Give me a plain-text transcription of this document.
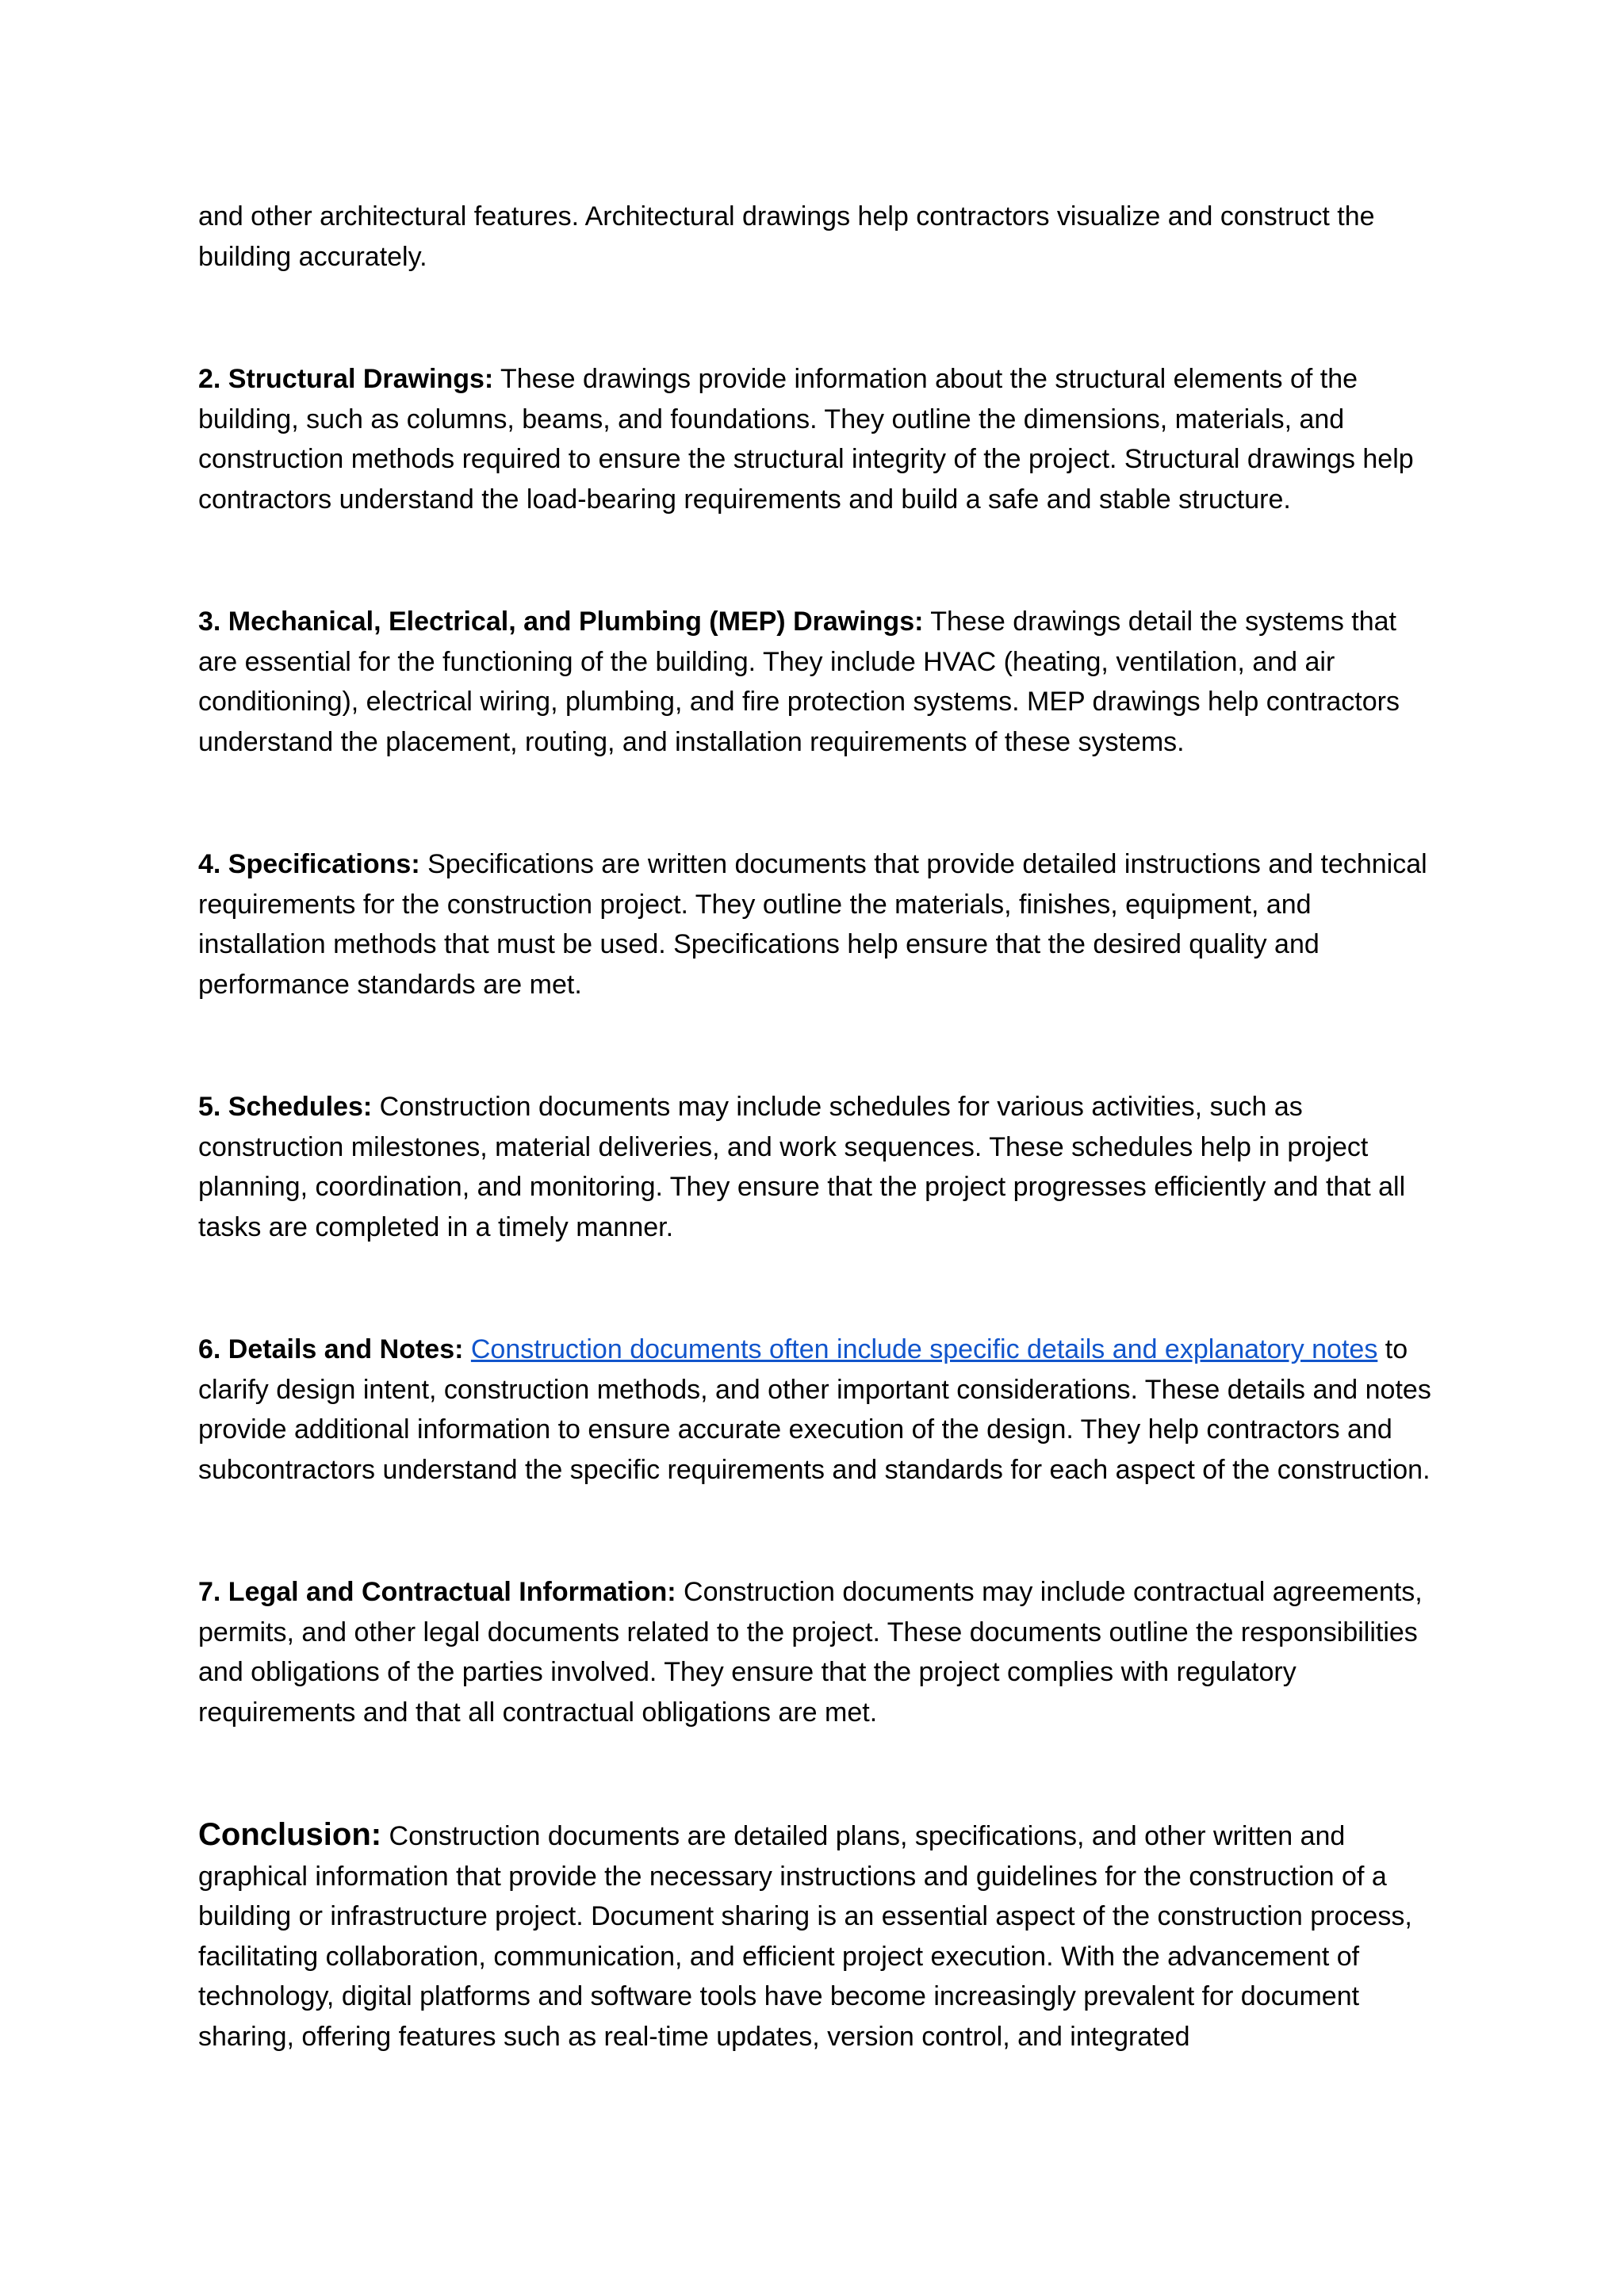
and other architectural features. Architectural drawings help contractors visualize and construct the building accurately.

2. Structural Drawings: These drawings provide information about the structural elements of the building, such as columns, beams, and foundations. They outline the dimensions, materials, and construction methods required to ensure the structural integrity of the project. Structural drawings help contractors understand the load-bearing requirements and build a safe and stable structure.

3. Mechanical, Electrical, and Plumbing (MEP) Drawings: These drawings detail the systems that are essential for the functioning of the building. They include HVAC (heating, ventilation, and air conditioning), electrical wiring, plumbing, and fire protection systems. MEP drawings help contractors understand the placement, routing, and installation requirements of these systems.

4. Specifications: Specifications are written documents that provide detailed instructions and technical requirements for the construction project. They outline the materials, finishes, equipment, and installation methods that must be used. Specifications help ensure that the desired quality and performance standards are met.

5. Schedules: Construction documents may include schedules for various activities, such as construction milestones, material deliveries, and work sequences. These schedules help in project planning, coordination, and monitoring. They ensure that the project progresses efficiently and that all tasks are completed in a timely manner.

6. Details and Notes: Construction documents often include specific details and explanatory notes to clarify design intent, construction methods, and other important considerations. These details and notes provide additional information to ensure accurate execution of the design. They help contractors and subcontractors understand the specific requirements and standards for each aspect of the construction.

7. Legal and Contractual Information: Construction documents may include contractual agreements, permits, and other legal documents related to the project. These documents outline the responsibilities and obligations of the parties involved. They ensure that the project complies with regulatory requirements and that all contractual obligations are met.

Conclusion: Construction documents are detailed plans, specifications, and other written and graphical information that provide the necessary instructions and guidelines for the construction of a building or infrastructure project. Document sharing is an essential aspect of the construction process, facilitating collaboration, communication, and efficient project execution. With the advancement of technology, digital platforms and software tools have become increasingly prevalent for document sharing, offering features such as real-time updates, version control, and integrated
